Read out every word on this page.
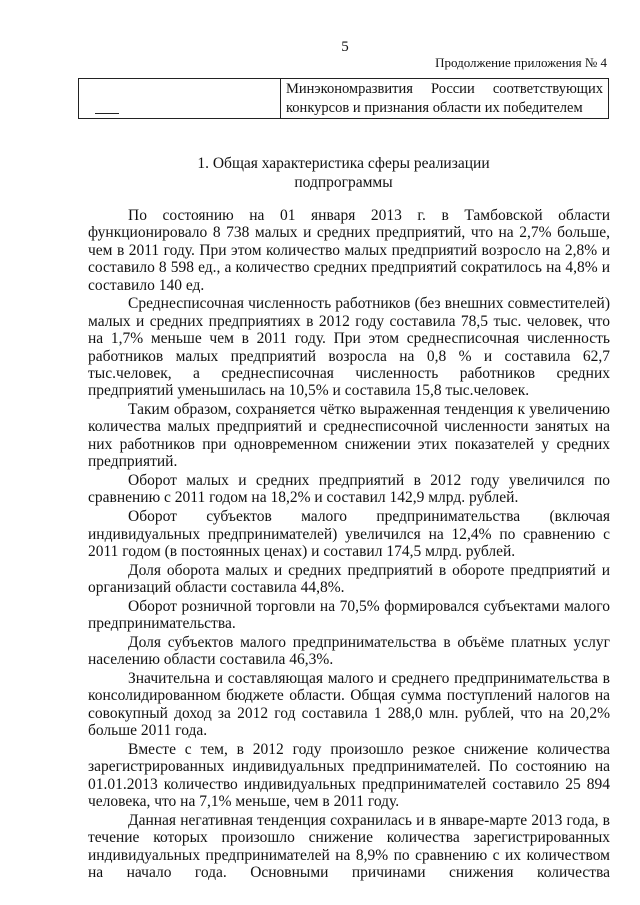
5
Продолжение приложения № 4

Минэкономразвития России соответствующих
конкурсов и признания области их победителем
1. Общая характеристика сферы реализации
подпрограммы

По состоянию на 01 января 2013 г. в Тамбовской области функционировало 8 738 малых и средних предприятий, что на 2,7% больше, чем в 2011 году. При этом количество малых предприятий возросло на 2,8% и составило 8 598 ед., а количество средних предприятий сократилось на 4,8% и составило 140 ед.

Среднесписочная численность работников (без внешних совместителей) малых и средних предприятиях в 2012 году составила 78,5 тыс. человек, что на 1,7% меньше чем в 2011 году. При этом среднесписочная численность работников малых предприятий возросла на 0,8 % и составила 62,7 тыс.человек, а среднесписочная численность работников средних предприятий уменьшилась на 10,5% и составила 15,8 тыс.человек.

Таким образом, сохраняется чётко выраженная тенденция к увеличению количества малых предприятий и среднесписочной численности занятых на них работников при одновременном снижении этих показателей у средних предприятий.

Оборот малых и средних предприятий в 2012 году увеличился по сравнению с 2011 годом на 18,2% и составил 142,9 млрд. рублей.

Оборот субъектов малого предпринимательства (включая индивидуальных предпринимателей) увеличился на 12,4% по сравнению с 2011 годом (в постоянных ценах) и составил 174,5 млрд. рублей.

Доля оборота малых и средних предприятий в обороте предприятий и организаций области составила 44,8%.

Оборот розничной торговли на 70,5% формировался субъектами малого предпринимательства.

Доля субъектов малого предпринимательства в объёме платных услуг населению области составила 46,3%.

Значительна и составляющая малого и среднего предпринимательства в консолидированном бюджете области. Общая сумма поступлений налогов на совокупный доход за 2012 год составила 1 288,0 млн. рублей, что на 20,2% больше 2011 года.

Вместе с тем, в 2012 году произошло резкое снижение количества зарегистрированных индивидуальных предпринимателей. По состоянию на 01.01.2013 количество индивидуальных предпринимателей составило 25 894 человека, что на 7,1% меньше, чем в 2011 году.

Данная негативная тенденция сохранилась и в январе-марте 2013 года, в течение которых произошло снижение количества зарегистрированных индивидуальных предпринимателей на 8,9% по сравнению с их количеством на начало года. Основными причинами снижения количества
